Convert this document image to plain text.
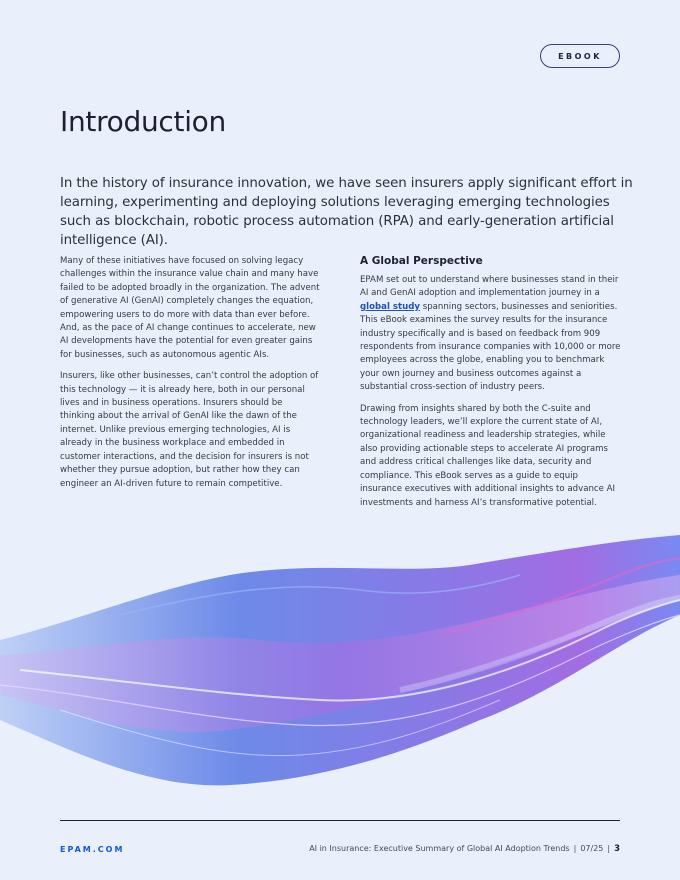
EBOOK
Introduction

In the history of insurance innovation, we have seen insurers apply significant effort in learning, experimenting and deploying solutions leveraging emerging technologies such as blockchain, robotic process automation (RPA) and early-generation artificial intelligence (AI).

Many of these initiatives have focused on solving legacy challenges within the insurance value chain and many have failed to be adopted broadly in the organization. The advent of generative AI (GenAI) completely changes the equation, empowering users to do more with data than ever before. And, as the pace of AI change continues to accelerate, new AI developments have the potential for even greater gains for businesses, such as autonomous agentic AIs.

Insurers, like other businesses, can’t control the adoption of this technology — it is already here, both in our personal lives and in business operations. Insurers should be thinking about the arrival of GenAI like the dawn of the internet. Unlike previous emerging technologies, AI is already in the business workplace and embedded in customer interactions, and the decision for insurers is not whether they pursue adoption, but rather how they can engineer an AI-driven future to remain competitive.

A Global Perspective

EPAM set out to understand where businesses stand in their AI and GenAI adoption and implementation journey in a global study spanning sectors, businesses and seniorities. This eBook examines the survey results for the insurance industry specifically and is based on feedback from 909 respondents from insurance companies with 10,000 or more employees across the globe, enabling you to benchmark your own journey and business outcomes against a substantial cross-section of industry peers.

Drawing from insights shared by both the C-suite and technology leaders, we’ll explore the current state of AI, organizational readiness and leadership strategies, while also providing actionable steps to accelerate AI programs and address critical challenges like data, security and compliance. This eBook serves as a guide to equip insurance executives with additional insights to advance AI investments and harness AI’s transformative potential.

EPAM.COM	AI in Insurance: Executive Summary of Global AI Adoption Trends | 07/25 | 3
